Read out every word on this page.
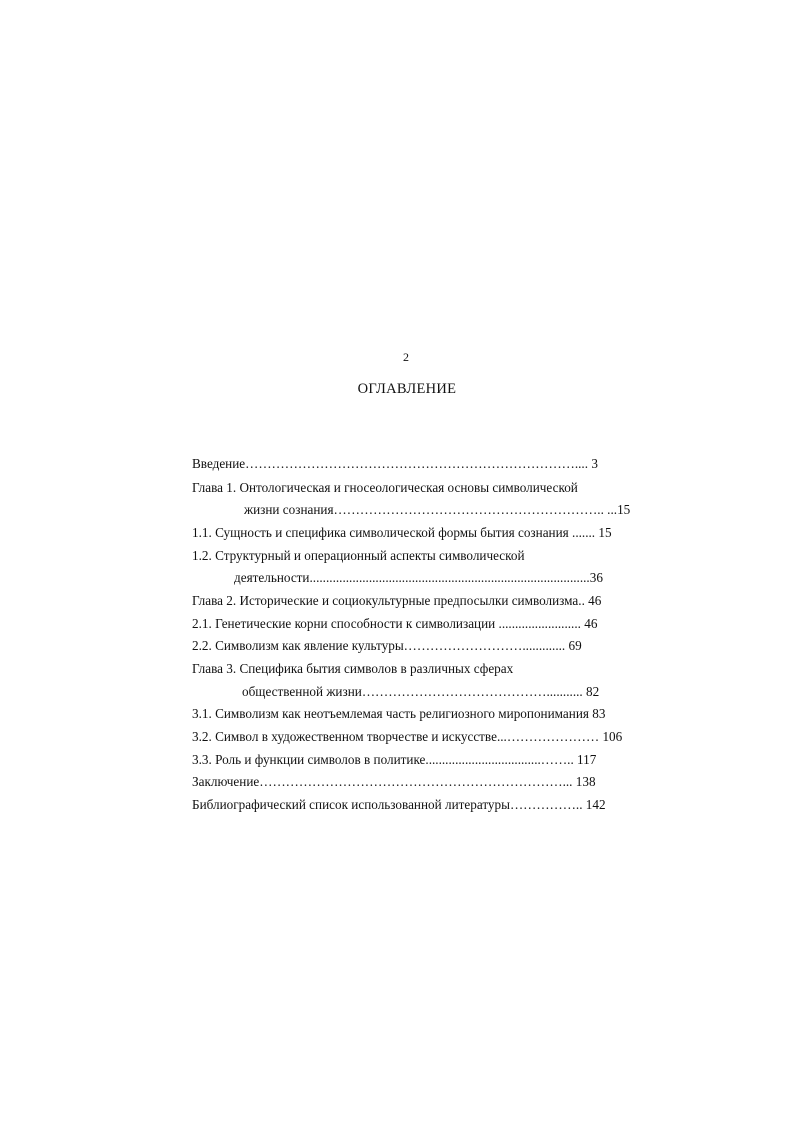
2
ОГЛАВЛЕНИЕ
Введение………………………………………………………………….... 3
Глава 1. Онтологическая и гносеологическая основы символической
жизни сознания…………………………………………………….. ...15
1.1. Сущность и специфика символической формы бытия сознания ....... 15
1.2. Структурный и операционный аспекты символической
деятельности.....................................................................................36
Глава 2. Исторические и социокультурные предпосылки символизма.. 46
2.1. Генетические корни способности к символизации ......................... 46
2.2. Символизм как явление культуры………………………............. 69
Глава 3. Специфика бытия символов в различных сферах
общественной жизни……………………………………........... 82
3.1. Символизм как неотъемлемая часть религиозного миропонимания 83
3.2. Символ в художественном творчестве и искусстве...………………… 106
3.3. Роль и функции символов в политике...................................…….. 117
Заключение……………………………………………………………... 138
Библиографический список использованной литературы…………….. 142
